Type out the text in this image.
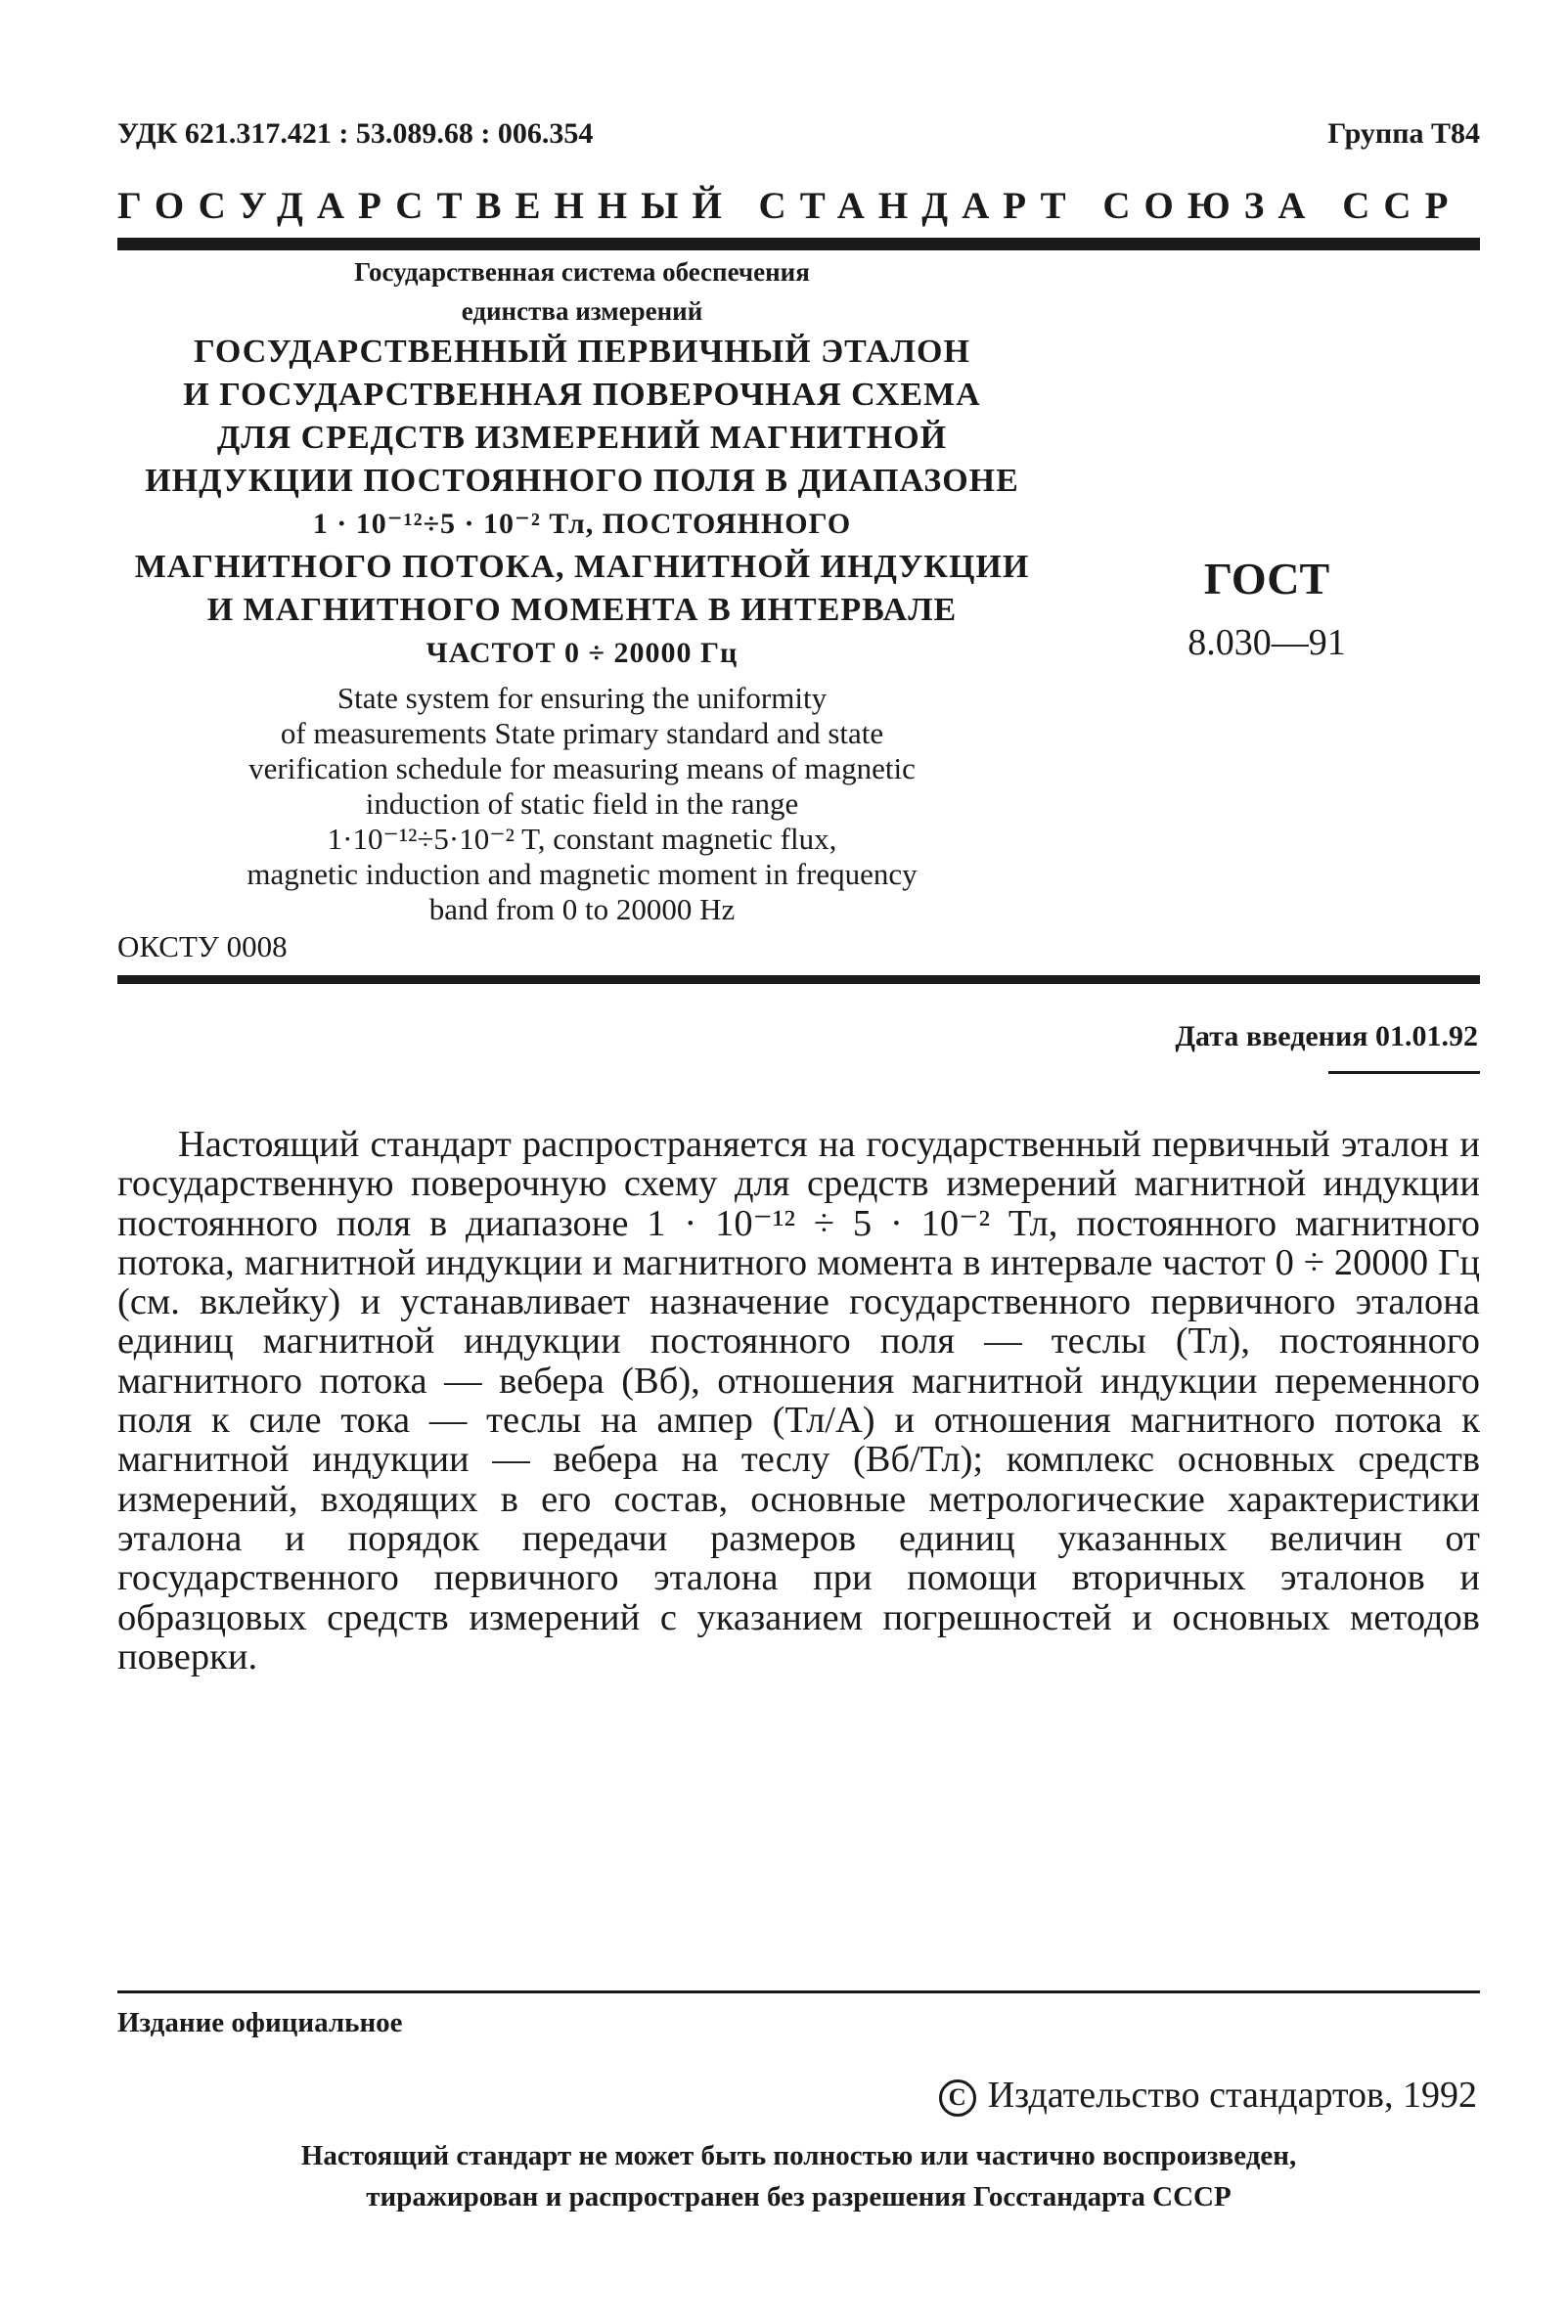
УДК 621.317.421 : 53.089.68 : 006.354	Группа Т84
ГОСУДАРСТВЕННЫЙ СТАНДАРТ СОЮЗА ССР
Государственная система обеспечения
единства измерений
ГОСУДАРСТВЕННЫЙ ПЕРВИЧНЫЙ ЭТАЛОН
И ГОСУДАРСТВЕННАЯ ПОВЕРОЧНАЯ СХЕМА
ДЛЯ СРЕДСТВ ИЗМЕРЕНИЙ МАГНИТНОЙ
ИНДУКЦИИ ПОСТОЯННОГО ПОЛЯ В ДИАПАЗОНЕ
1 · 10⁻¹²÷5 · 10⁻² Тл, ПОСТОЯННОГО
МАГНИТНОГО ПОТОКА, МАГНИТНОЙ ИНДУКЦИИ
И МАГНИТНОГО МОМЕНТА В ИНТЕРВАЛЕ
ЧАСТОТ 0 ÷ 20000 Гц
State system for ensuring the uniformity
of measurements State primary standard and state
verification schedule for measuring means of magnetic
induction of static field in the range
1·10⁻¹²÷5·10⁻² T, constant magnetic flux,
magnetic induction and magnetic moment in frequency
band from 0 to 20000 Hz
ГОСТ
8.030—91
ОКСТУ 0008
Дата введения 01.01.92

Настоящий стандарт распространяется на государственный первичный эталон и государственную поверочную схему для средств измерений магнитной индукции постоянного поля в диапазоне 1 · 10⁻¹² ÷ 5 · 10⁻² Тл, постоянного магнитного потока, магнитной индукции и магнитного момента в интервале частот 0 ÷ 20000 Гц (см. вклейку) и устанавливает назначение государственного первичного эталона единиц магнитной индукции постоянного поля — теслы (Тл), постоянного магнитного потока — вебера (Вб), отношения магнитной индукции переменного поля к силе тока — теслы на ампер (Тл/А) и отношения магнитного потока к магнитной индукции — вебера на теслу (Вб/Тл); комплекс основных средств измерений, входящих в его состав, основные метрологические характеристики эталона и порядок передачи размеров единиц указанных величин от государственного первичного эталона при помощи вторичных эталонов и образцовых средств измерений с указанием погрешностей и основных методов поверки.

Издание официальное
С Издательство стандартов, 1992
Настоящий стандарт не может быть полностью или частично воспроизведен,
тиражирован и распространен без разрешения Госстандарта СССР
